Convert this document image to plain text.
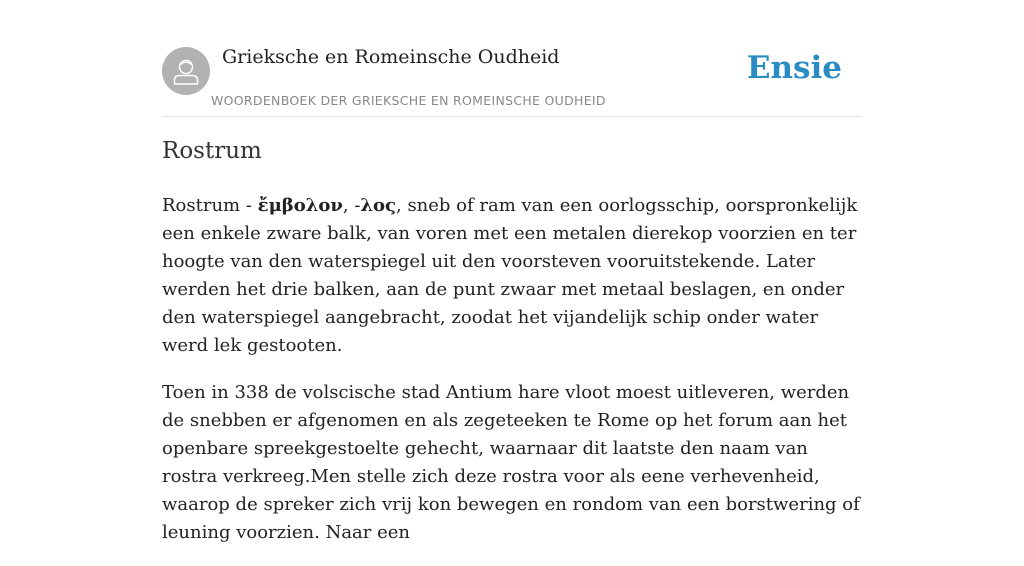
Grieksche en Romeinsche Oudheid
WOORDENBOEK DER GRIEKSCHE EN ROMEINSCHE OUDHEID
Ensie
Rostrum

Rostrum - ἔμβολον, -λος, sneb of ram van een oorlogsschip, oorspronkelijk een enkele zware balk, van voren met een metalen dierekop voorzien en ter hoogte van den waterspiegel uit den voorsteven vooruitstekende. Later werden het drie balken, aan de punt zwaar met metaal beslagen, en onder den waterspiegel aangebracht, zoodat het vijandelijk schip onder water werd lek gestooten.

Toen in 338 de volscische stad Antium hare vloot moest uitleveren, werden de snebben er afgenomen en als zegeteeken te Rome op het forum aan het openbare spreekgestoelte gehecht, waarnaar dit laatste den naam van rostra verkreeg.Men stelle zich deze rostra voor als eene verhevenheid, waarop de spreker zich vrij kon bewegen en rondom van een borstwering of leuning voorzien. Naar een
